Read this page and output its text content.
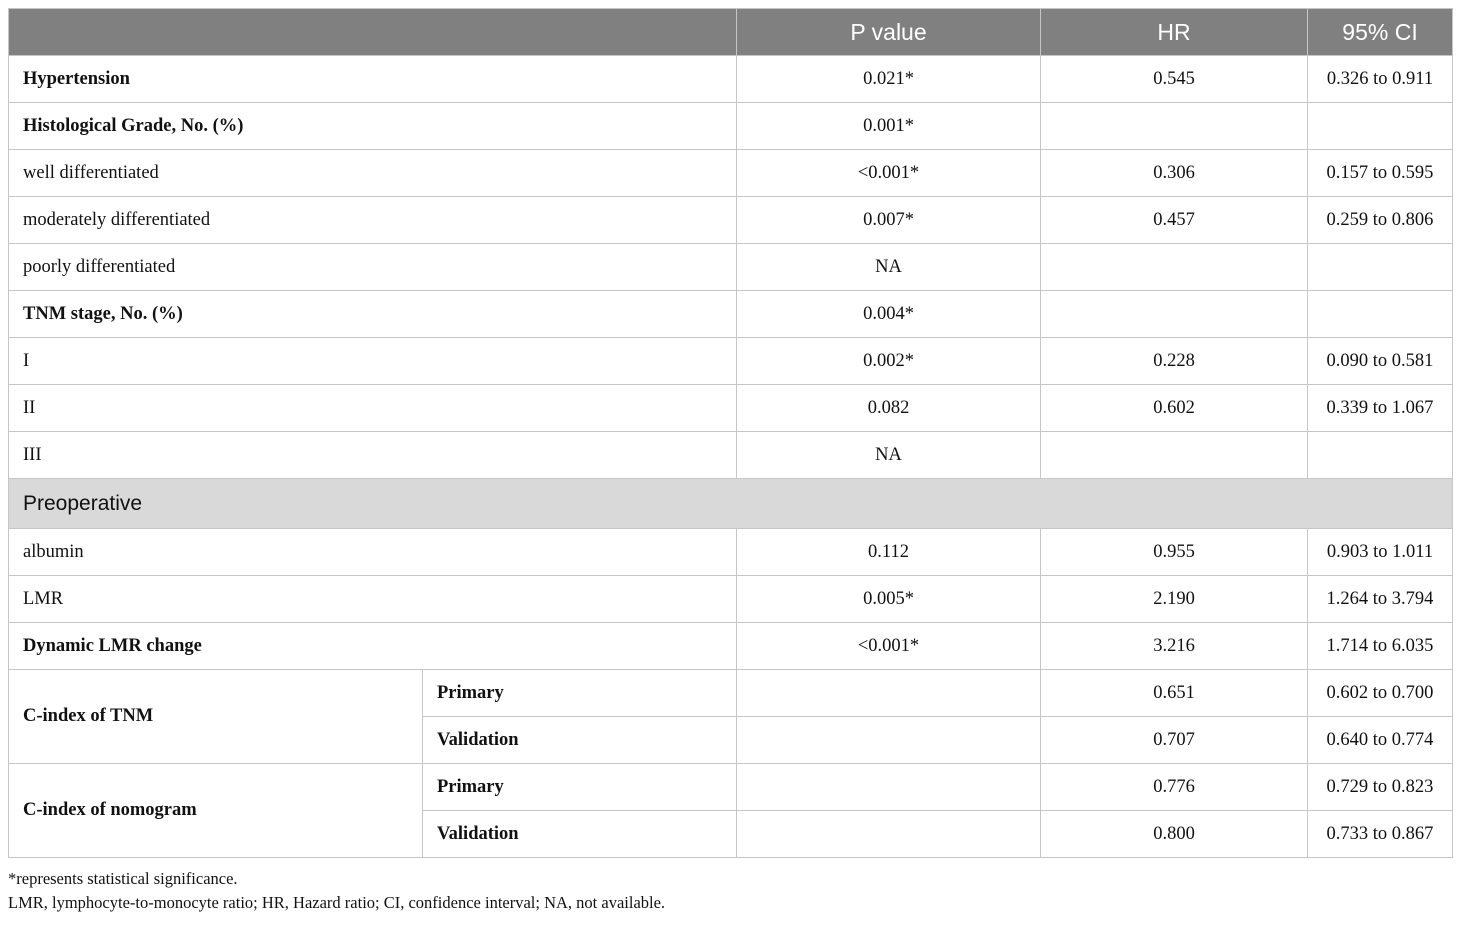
		P value	HR	95% CI
Hypertension		0.021*	0.545	0.326 to 0.911
Histological Grade, No. (%)		0.001*		
well differentiated		<0.001*	0.306	0.157 to 0.595
moderately differentiated		0.007*	0.457	0.259 to 0.806
poorly differentiated		NA		
TNM stage, No. (%)		0.004*		
I		0.002*	0.228	0.090 to 0.581
II		0.082	0.602	0.339 to 1.067
III		NA		
Preoperative				
albumin		0.112	0.955	0.903 to 1.011
LMR		0.005*	2.190	1.264 to 3.794
Dynamic LMR change		<0.001*	3.216	1.714 to 6.035
C-index of TNM	Primary		0.651	0.602 to 0.700
	Validation		0.707	0.640 to 0.774
C-index of nomogram	Primary		0.776	0.729 to 0.823
	Validation		0.800	0.733 to 0.867
*represents statistical significance.
LMR, lymphocyte-to-monocyte ratio; HR, Hazard ratio; CI, confidence interval; NA, not available.
